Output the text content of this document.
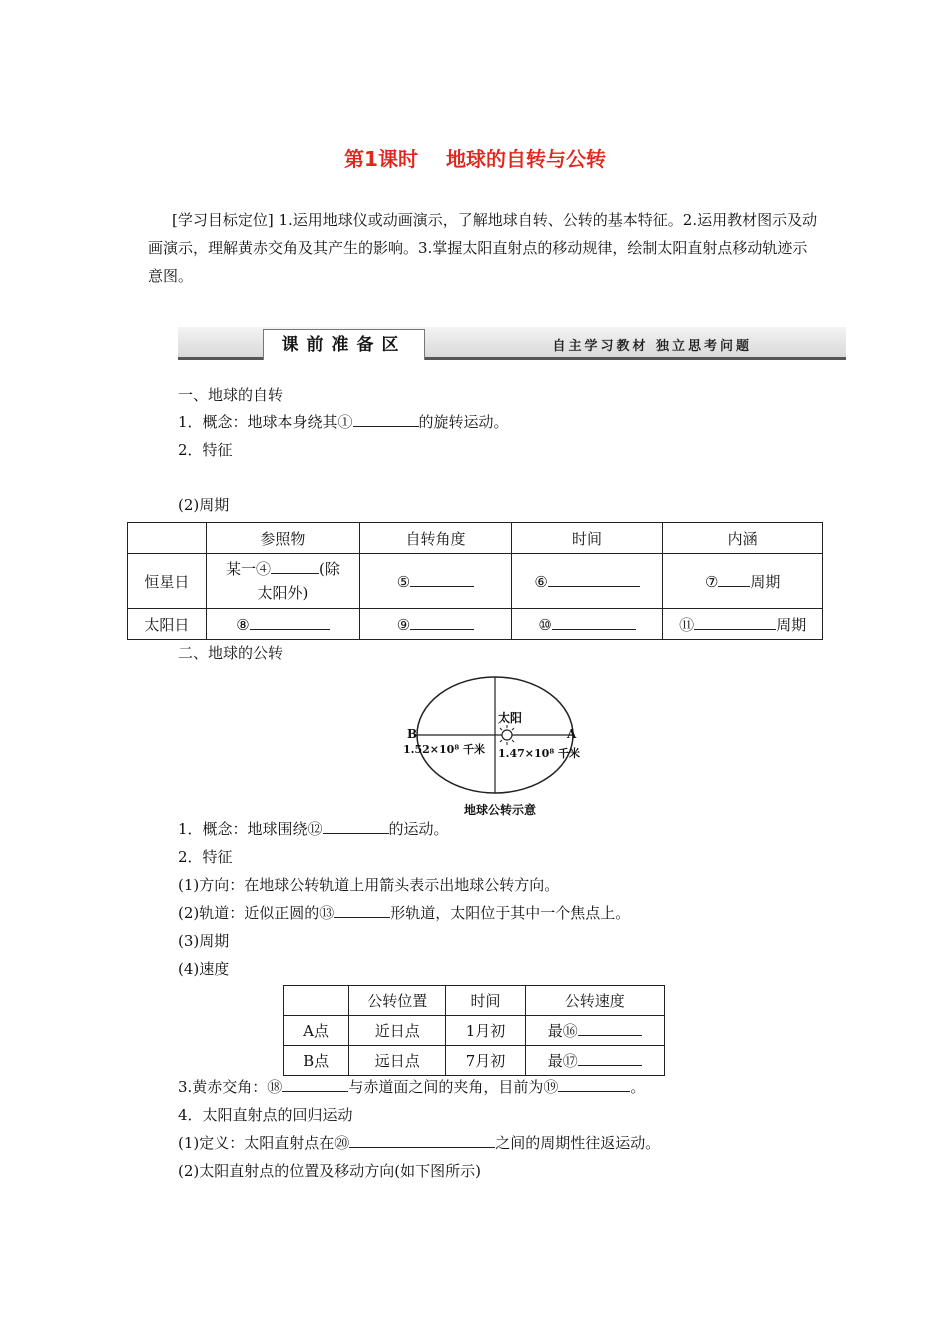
第1课时 地球的自转与公转
[学习目标定位] 1.运用地球仪或动画演示，了解地球自转、公转的基本特征。2.运用教材图示及动画演示，理解黄赤交角及其产生的影响。3.掌握太阳直射点的移动规律，绘制太阳直射点移动轨迹示意图。
课前准备区	自主学习教材 独立思考问题
一、地球的自转
1．概念：地球本身绕其①	的旋转运动。
2．特征
(2)周期
	参照物	自转角度	时间	内涵
恒星日	某一④ (除
太阳外)	⑤	⑥	⑦ 周期
太阳日	⑧	⑨	⑩	⑪ 周期
二、地球的公转
太阳
B	A
1.52×10⁸ 千米 1.47×10⁸ 千米
地球公转示意
1．概念：地球围绕⑫	的运动。
2．特征
(1)方向：在地球公转轨道上用箭头表示出地球公转方向。
(2)轨道：近似正圆的⑬	形轨道，太阳位于其中一个焦点上。
(3)周期
(4)速度
	公转位置	时间	公转速度
A点	近日点	1月初	最⑯
B点	远日点	7月初	最⑰
3.黄赤交角：⑱	与赤道面之间的夹角，目前为⑲	。
4．太阳直射点的回归运动
(1)定义：太阳直射点在⑳	之间的周期性往返运动。
(2)太阳直射点的位置及移动方向(如下图所示)
